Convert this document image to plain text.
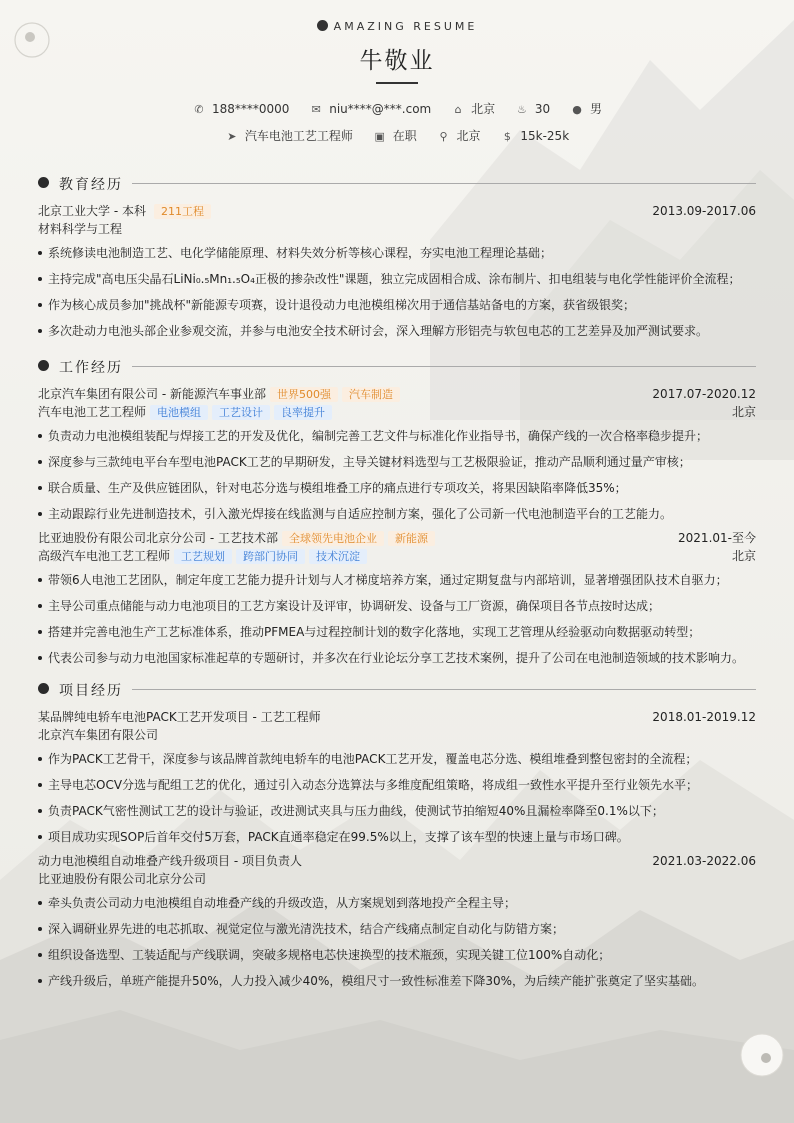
AMAZING RESUME
牛敬业
✆ 188****0000 ✉ niu****@***.com ⌂ 北京 ♨ 30 ● 男
➤ 汽车电池工艺工程师 ▣ 在职 ⚲ 北京 $ 15k-25k
教育经历
北京工业大学 - 本科 211工程	2013.09-2017.06
材料科学与工程
系统修读电池制造工艺、电化学储能原理、材料失效分析等核心课程，夯实电池工程理论基础；
主持完成"高电压尖晶石LiNi₀.₅Mn₁.₅O₄正极的掺杂改性"课题，独立完成固相合成、涂布制片、扣电组装与电化学性能评价全流程；
作为核心成员参加"挑战杯"新能源专项赛，设计退役动力电池模组梯次用于通信基站备电的方案，获省级银奖；
多次赴动力电池头部企业参观交流，并参与电池安全技术研讨会，深入理解方形铝壳与软包电芯的工艺差异及加严测试要求。
工作经历
北京汽车集团有限公司 - 新能源汽车事业部 世界500强 汽车制造	2017.07-2020.12
汽车电池工艺工程师 电池模组 工艺设计 良率提升	北京
负责动力电池模组装配与焊接工艺的开发及优化，编制完善工艺文件与标准化作业指导书，确保产线的一次合格率稳步提升；
深度参与三款纯电平台车型电池PACK工艺的早期研发，主导关键材料选型与工艺极限验证，推动产品顺利通过量产审核；
联合质量、生产及供应链团队，针对电芯分选与模组堆叠工序的痛点进行专项攻关，将果因缺陷率降低35%；
主动跟踪行业先进制造技术，引入激光焊接在线监测与自适应控制方案，强化了公司新一代电池制造平台的工艺能力。
比亚迪股份有限公司北京分公司 - 工艺技术部 全球领先电池企业 新能源	2021.01-至今
高级汽车电池工艺工程师 工艺规划 跨部门协同 技术沉淀	北京
带领6人电池工艺团队，制定年度工艺能力提升计划与人才梯度培养方案，通过定期复盘与内部培训，显著增强团队技术自驱力；
主导公司重点储能与动力电池项目的工艺方案设计及评审，协调研发、设备与工厂资源，确保项目各节点按时达成；
搭建并完善电池生产工艺标准体系，推动PFMEA与过程控制计划的数字化落地，实现工艺管理从经验驱动向数据驱动转型；
代表公司参与动力电池国家标准起草的专题研讨，并多次在行业论坛分享工艺技术案例，提升了公司在电池制造领域的技术影响力。
项目经历
某品牌纯电轿车电池PACK工艺开发项目 - 工艺工程师	2018.01-2019.12
北京汽车集团有限公司
作为PACK工艺骨干，深度参与该品牌首款纯电轿车的电池PACK工艺开发，覆盖电芯分选、模组堆叠到整包密封的全流程；
主导电芯OCV分选与配组工艺的优化，通过引入动态分选算法与多维度配组策略，将成组一致性水平提升至行业领先水平；
负责PACK气密性测试工艺的设计与验证，改进测试夹具与压力曲线，使测试节拍缩短40%且漏检率降至0.1%以下；
项目成功实现SOP后首年交付5万套，PACK直通率稳定在99.5%以上，支撑了该车型的快速上量与市场口碑。
动力电池模组自动堆叠产线升级项目 - 项目负责人	2021.03-2022.06
比亚迪股份有限公司北京分公司
牵头负责公司动力电池模组自动堆叠产线的升级改造，从方案规划到落地投产全程主导；
深入调研业界先进的电芯抓取、视觉定位与激光清洗技术，结合产线痛点制定自动化与防错方案；
组织设备选型、工装适配与产线联调，突破多规格电芯快速换型的技术瓶颈，实现关键工位100%自动化；
产线升级后，单班产能提升50%，人力投入减少40%，模组尺寸一致性标准差下降30%，为后续产能扩张奠定了坚实基础。
